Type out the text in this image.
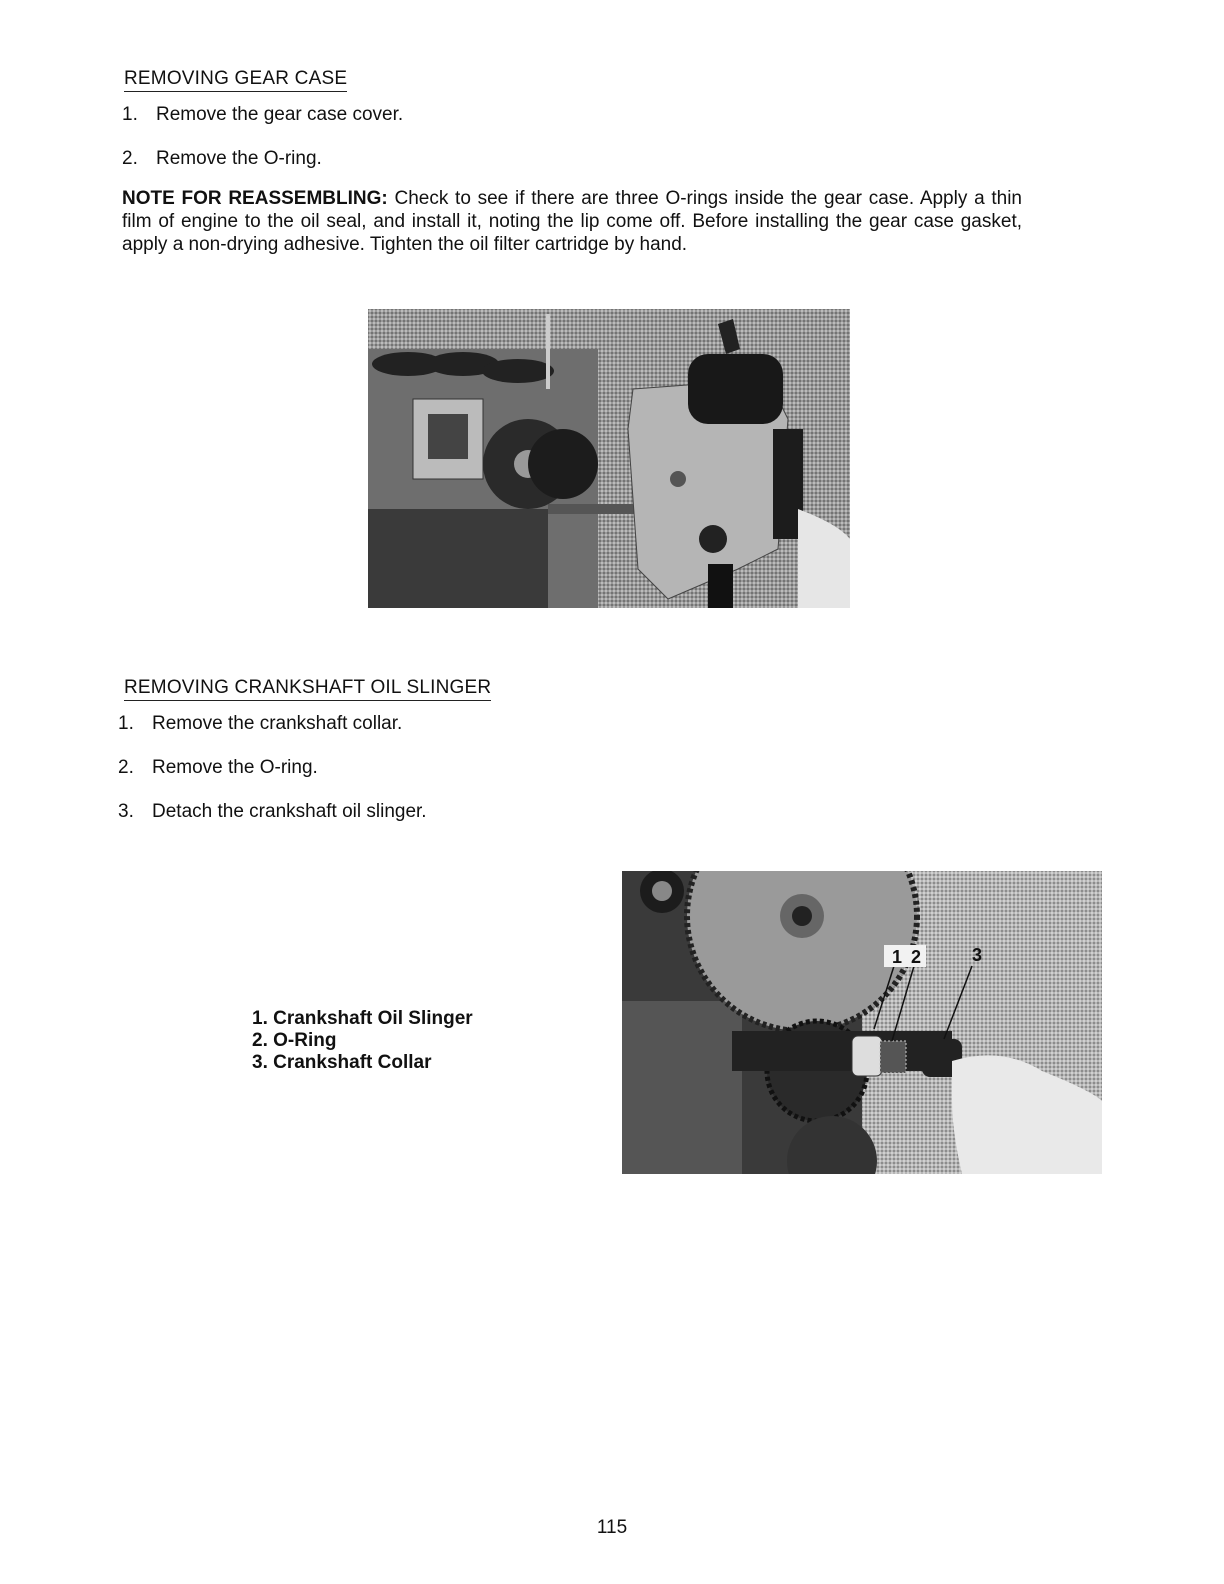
REMOVING GEAR CASE
1. Remove the gear case cover.
2. Remove the O-ring.
NOTE FOR REASSEMBLING: Check to see if there are three O-rings inside the gear case. Apply a thin film of engine to the oil seal, and install it, noting the lip come off. Before installing the gear case gasket, apply a non-drying adhesive. Tighten the oil filter cartridge by hand.
REMOVING CRANKSHAFT OIL SLINGER
1. Remove the crankshaft collar.
2. Remove the O-ring.
3. Detach the crankshaft oil slinger.
1. Crankshaft Oil Slinger
2. O-Ring
3. Crankshaft Collar
1 2	3
115
